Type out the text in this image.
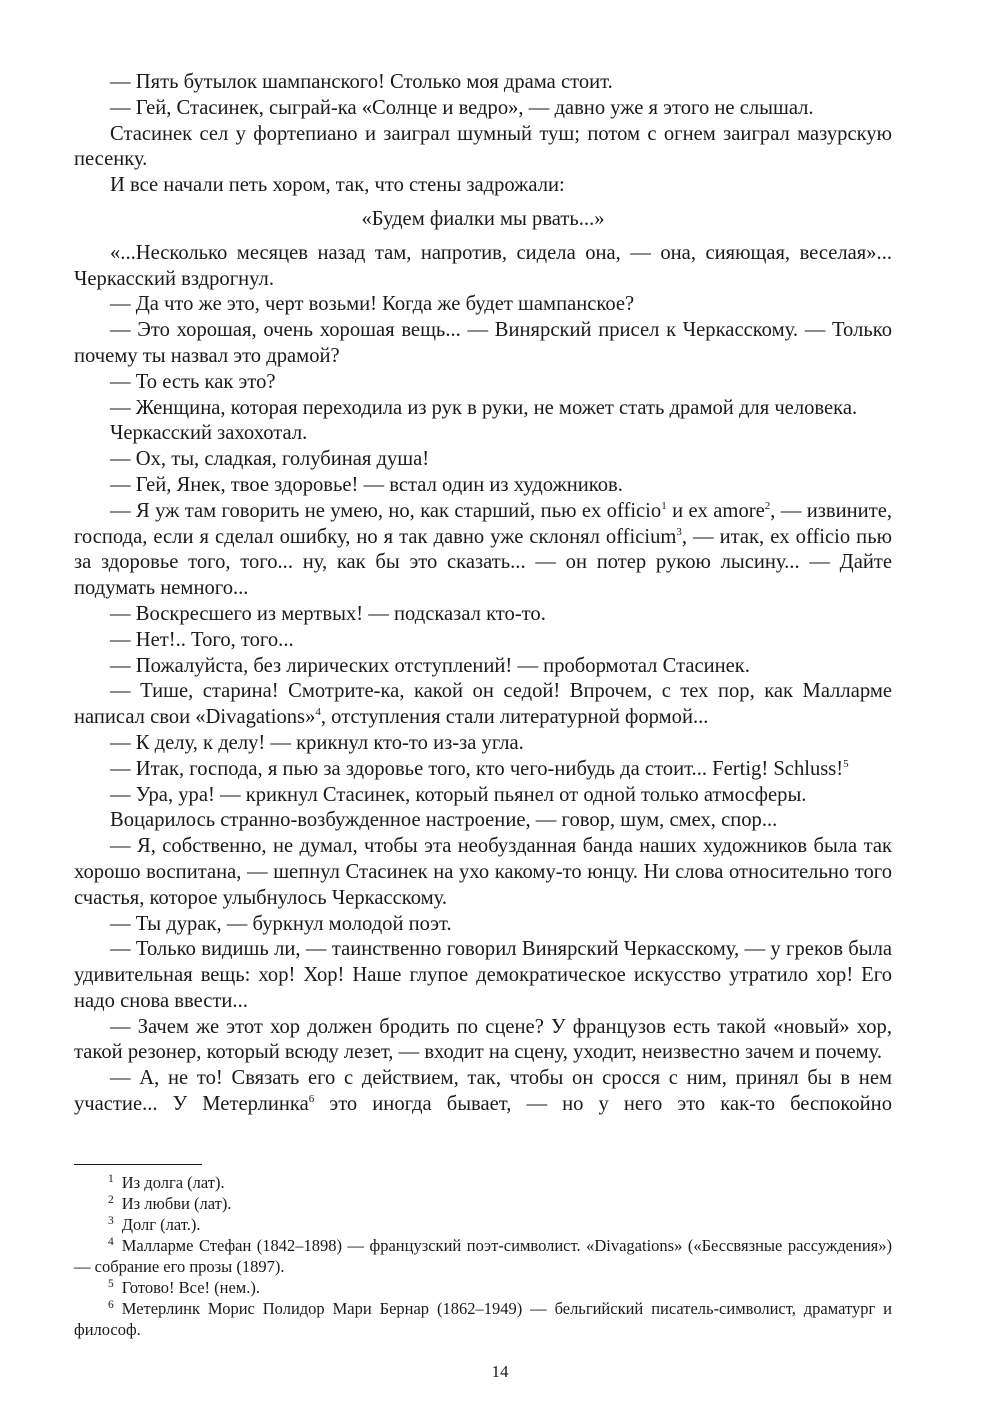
— Пять бутылок шампанского! Столько моя драма стоит.

— Гей, Стасинек, сыграй-ка «Солнце и ведро», — давно уже я этого не слышал.

Стасинек сел у фортепиано и заиграл шумный туш; потом с огнем заиграл мазурскую песенку.

И все начали петь хором, так, что стены задрожали:

«Будем фиалки мы рвать...»

«...Несколько месяцев назад там, напротив, сидела она, — она, сияющая, веселая»... Черкасский вздрогнул.

— Да что же это, черт возьми! Когда же будет шампанское?

— Это хорошая, очень хорошая вещь... — Винярский присел к Черкасскому. — Только почему ты назвал это драмой?

— То есть как это?

— Женщина, которая переходила из рук в руки, не может стать драмой для человека.

Черкасский захохотал.

— Ох, ты, сладкая, голубиная душа!

— Гей, Янек, твое здоровье! — встал один из художников.

— Я уж там говорить не умею, но, как старший, пью ex officio$^1$ и ex amore$^2$, — извините, господа, если я сделал ошибку, но я так давно уже склонял officium$^3$, — итак, ex officio пью за здоровье того, того... ну, как бы это сказать... — он потер рукою лысину... — Дайте подумать немного...

— Воскресшего из мертвых! — подсказал кто-то.

— Нет!.. Того, того...

— Пожалуйста, без лирических отступлений! — пробормотал Стасинек.

— Тише, старина! Смотрите-ка, какой он седой! Впрочем, с тех пор, как Малларме написал свои «Divagations»$^4$, отступления стали литературной формой...

— К делу, к делу! — крикнул кто-то из-за угла.

— Итак, господа, я пью за здоровье того, кто чего-нибудь да стоит... Fertig! Schluss!$^5$

— Ура, ура! — крикнул Стасинек, который пьянел от одной только атмосферы.

Воцарилось странно-возбужденное настроение, — говор, шум, смех, спор...

— Я, собственно, не думал, чтобы эта необузданная банда наших художников была так хорошо воспитана, — шепнул Стасинек на ухо какому-то юнцу. Ни слова относительно того счастья, которое улыбнулось Черкасскому.

— Ты дурак, — буркнул молодой поэт.

— Только видишь ли, — таинственно говорил Винярский Черкасскому, — у греков была удивительная вещь: хор! Хор! Наше глупое демократическое искусство утратило хор! Его надо снова ввести...

— Зачем же этот хор должен бродить по сцене? У французов есть такой «новый» хор, такой резонер, который всюду лезет, — входит на сцену, уходит, неизвестно зачем и почему.

— А, не то! Связать его с действием, так, чтобы он сросся с ним, принял бы в нем участие... У Метерлинка$^6$ это иногда бывает, — но у него это как-то беспокойно

$^1$ Из долга (лат).

$^2$ Из любви (лат).

$^3$ Долг (лат.).

$^4$ Малларме Стефан (1842–1898) — французский поэт-символист. «Divagations» («Бессвязные рассуждения») — собрание его прозы (1897).

$^5$ Готово! Все! (нем.).

$^6$ Метерлинк Морис Полидор Мари Бернар (1862–1949) — бельгийский писатель-символист, драматург и философ.

14
